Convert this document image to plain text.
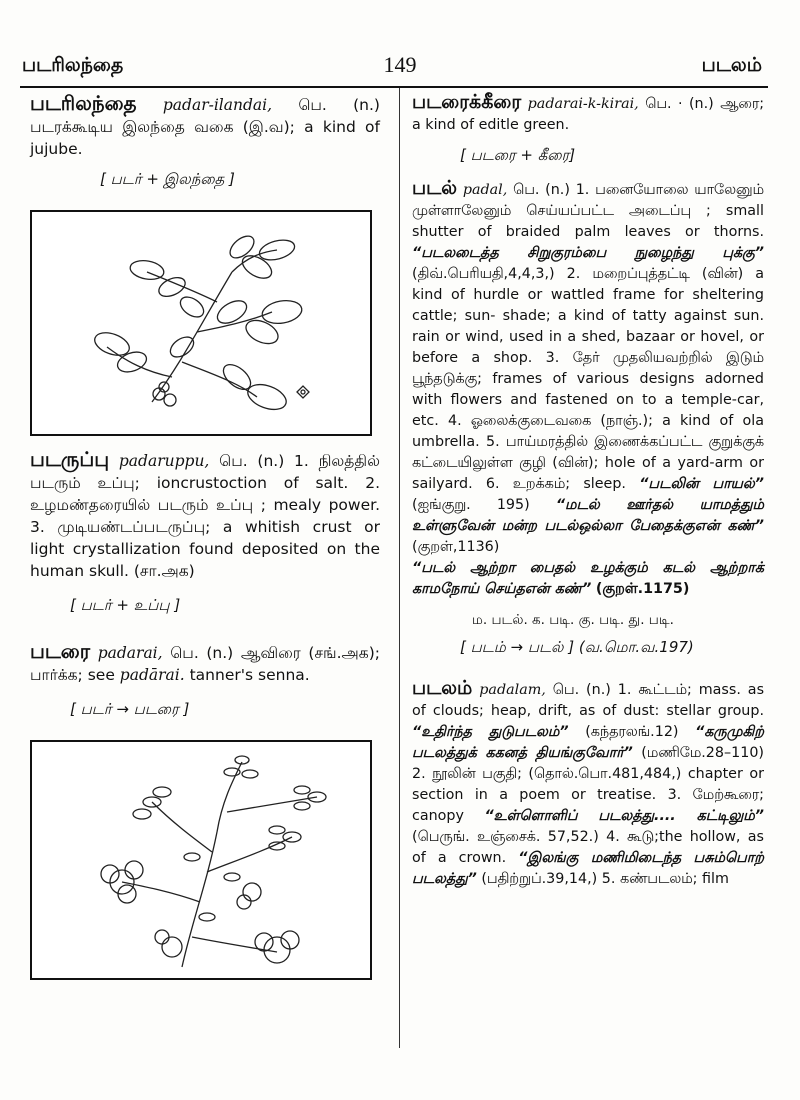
படரிலந்தை	149	படலம்

படரிலந்தை padar-ilandai, பெ. (n.) படரக்கூடிய இலந்தை வகை (இ.வ); a kind of jujube.

[ படர் + இலந்தை ]

படருப்பு padaruppu, பெ. (n.) 1. நிலத்தில் படரும் உப்பு; ioncrustoction of salt. 2. உழமண்தரையில் படரும் உப்பு ; mealy power. 3. முடியண்டப்படருப்பு; a whitish crust or light crystallization found deposited on the human skull. (சா.அக)

[ படர் + உப்பு ]

படரை padarai, பெ. (n.) ஆவிரை (சங்.அக); பார்க்க; see padārai. tanner's senna.

[ படர் → படரை ]

படரைக்கீரை padarai-k-kirai, பெ. · (n.) ஆரை; a kind of editle green.

[ படரை + கீரை]

படல் padal, பெ. (n.) 1. பனையோலை யாலேனும் முள்ளாலேனும் செய்யப்பட்ட அடைப்பு ; small shutter of braided palm leaves or thorns. “படலடைத்த சிறுகுரம்பை நுழைந்து புக்கு” (திவ்.பெரியதி,4,4,3,) 2. மறைப்புத்தட்டி (வின்) a kind of hurdle or wattled frame for sheltering cattle; sun- shade; a kind of tatty against sun. rain or wind, used in a shed, bazaar or hovel, or before a shop. 3. தேர் முதலியவற்றில் இடும் பூந்தடுக்கு; frames of various designs adorned with flowers and fastened on to a temple-car, etc. 4. ஓலைக்குடைவகை (நாஞ்.); a kind of ola umbrella. 5. பாய்மரத்தில் இணைக்கப்பட்ட குறுக்குக் கட்டையிலுள்ள குழி (வின்); hole of a yard-arm or sailyard. 6. உறக்கம்; sleep. “படலின் பாயல்” (ஐங்குறு. 195) “மடல் ஊர்தல் யாமத்தும் உள்ளுவேன் மன்ற படல்ஒல்லா பேதைக்குஎன் கண்” (குறள்,1136)
“படல் ஆற்றா பைதல் உழக்கும் கடல் ஆற்றாக் காமநோய் செய்தஎன் கண்” (குறள்.1175)

ம. படல். க. படி. கு. படி. து. படி.
[ படம் → படல் ] (வ.மொ.வ.197)

படலம் padalam, பெ. (n.) 1. கூட்டம்; mass. as of clouds; heap, drift, as of dust: stellar group. “உதிர்ந்த துடுபடலம்” (கந்தரலங்.12) “கருமுகிற் படலத்துக் ககனத் தியங்குவோர்” (மணிமே.28–110) 2. நூலின் பகுதி; (தொல்.பொ.481,484,) chapter or section in a poem or treatise. 3. மேற்கூரை; canopy “உள்ளொளிப் படலத்து.... கட்டிலும்” (பெருங். உஞ்சைக். 57,52.) 4. கூடு;the hollow, as of a crown. “இலங்கு மணிமிடைந்த பசும்பொற் படலத்து” (பதிற்றுப்.39,14,) 5. கண்படலம்; film
